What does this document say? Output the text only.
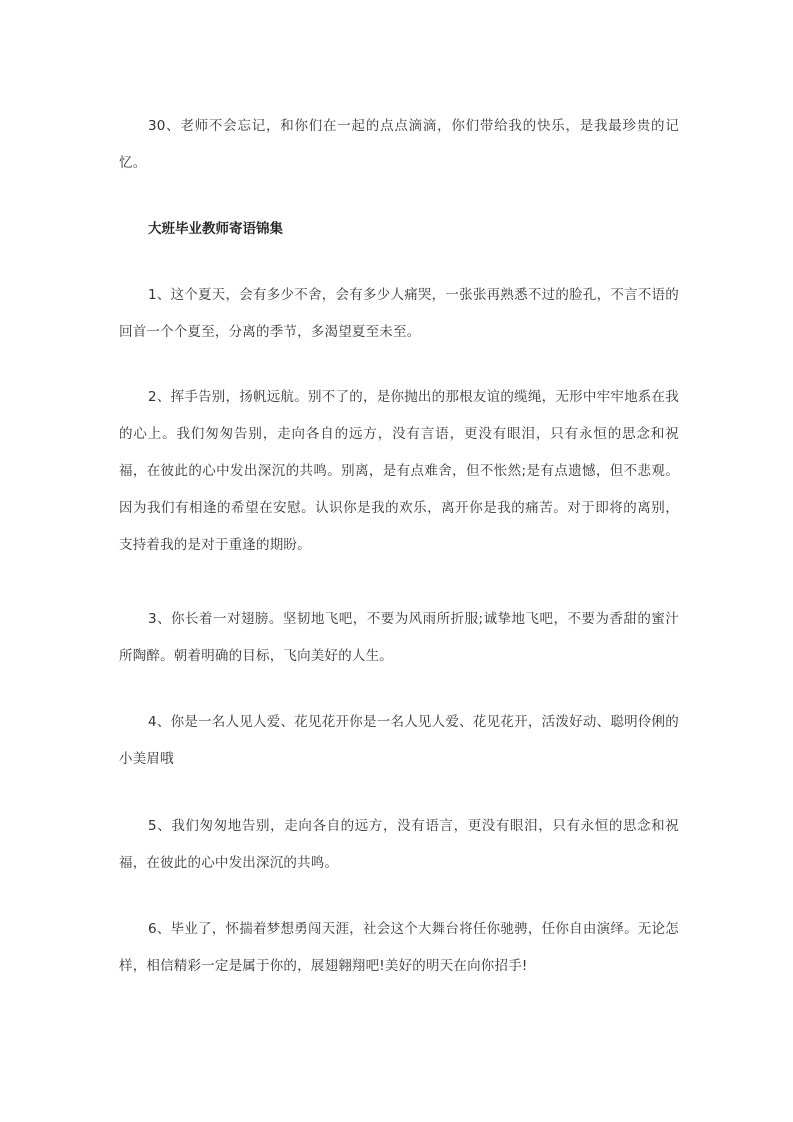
30、老师不会忘记，和你们在一起的点点滴滴，你们带给我的快乐，是我最珍贵的记忆。

大班毕业教师寄语锦集

1、这个夏天，会有多少不舍，会有多少人痛哭，一张张再熟悉不过的脸孔，不言不语的回首一个个夏至，分离的季节，多渴望夏至未至。

2、挥手告别，扬帆远航。别不了的，是你抛出的那根友谊的缆绳，无形中牢牢地系在我的心上。我们匆匆告别，走向各自的远方，没有言语，更没有眼泪，只有永恒的思念和祝福，在彼此的心中发出深沉的共鸣。别离，是有点难舍，但不怅然;是有点遗憾，但不悲观。因为我们有相逢的希望在安慰。认识你是我的欢乐，离开你是我的痛苦。对于即将的离别，支持着我的是对于重逢的期盼。

3、你长着一对翅膀。坚韧地飞吧，不要为风雨所折服;诚挚地飞吧，不要为香甜的蜜汁所陶醉。朝着明确的目标，飞向美好的人生。

4、你是一名人见人爱、花见花开你是一名人见人爱、花见花开，活泼好动、聪明伶俐的小美眉哦

5、我们匆匆地告别，走向各自的远方，没有语言，更没有眼泪，只有永恒的思念和祝福，在彼此的心中发出深沉的共鸣。

6、毕业了，怀揣着梦想勇闯天涯，社会这个大舞台将任你驰骋，任你自由演绎。无论怎样，相信精彩一定是属于你的，展翅翱翔吧!美好的明天在向你招手!
